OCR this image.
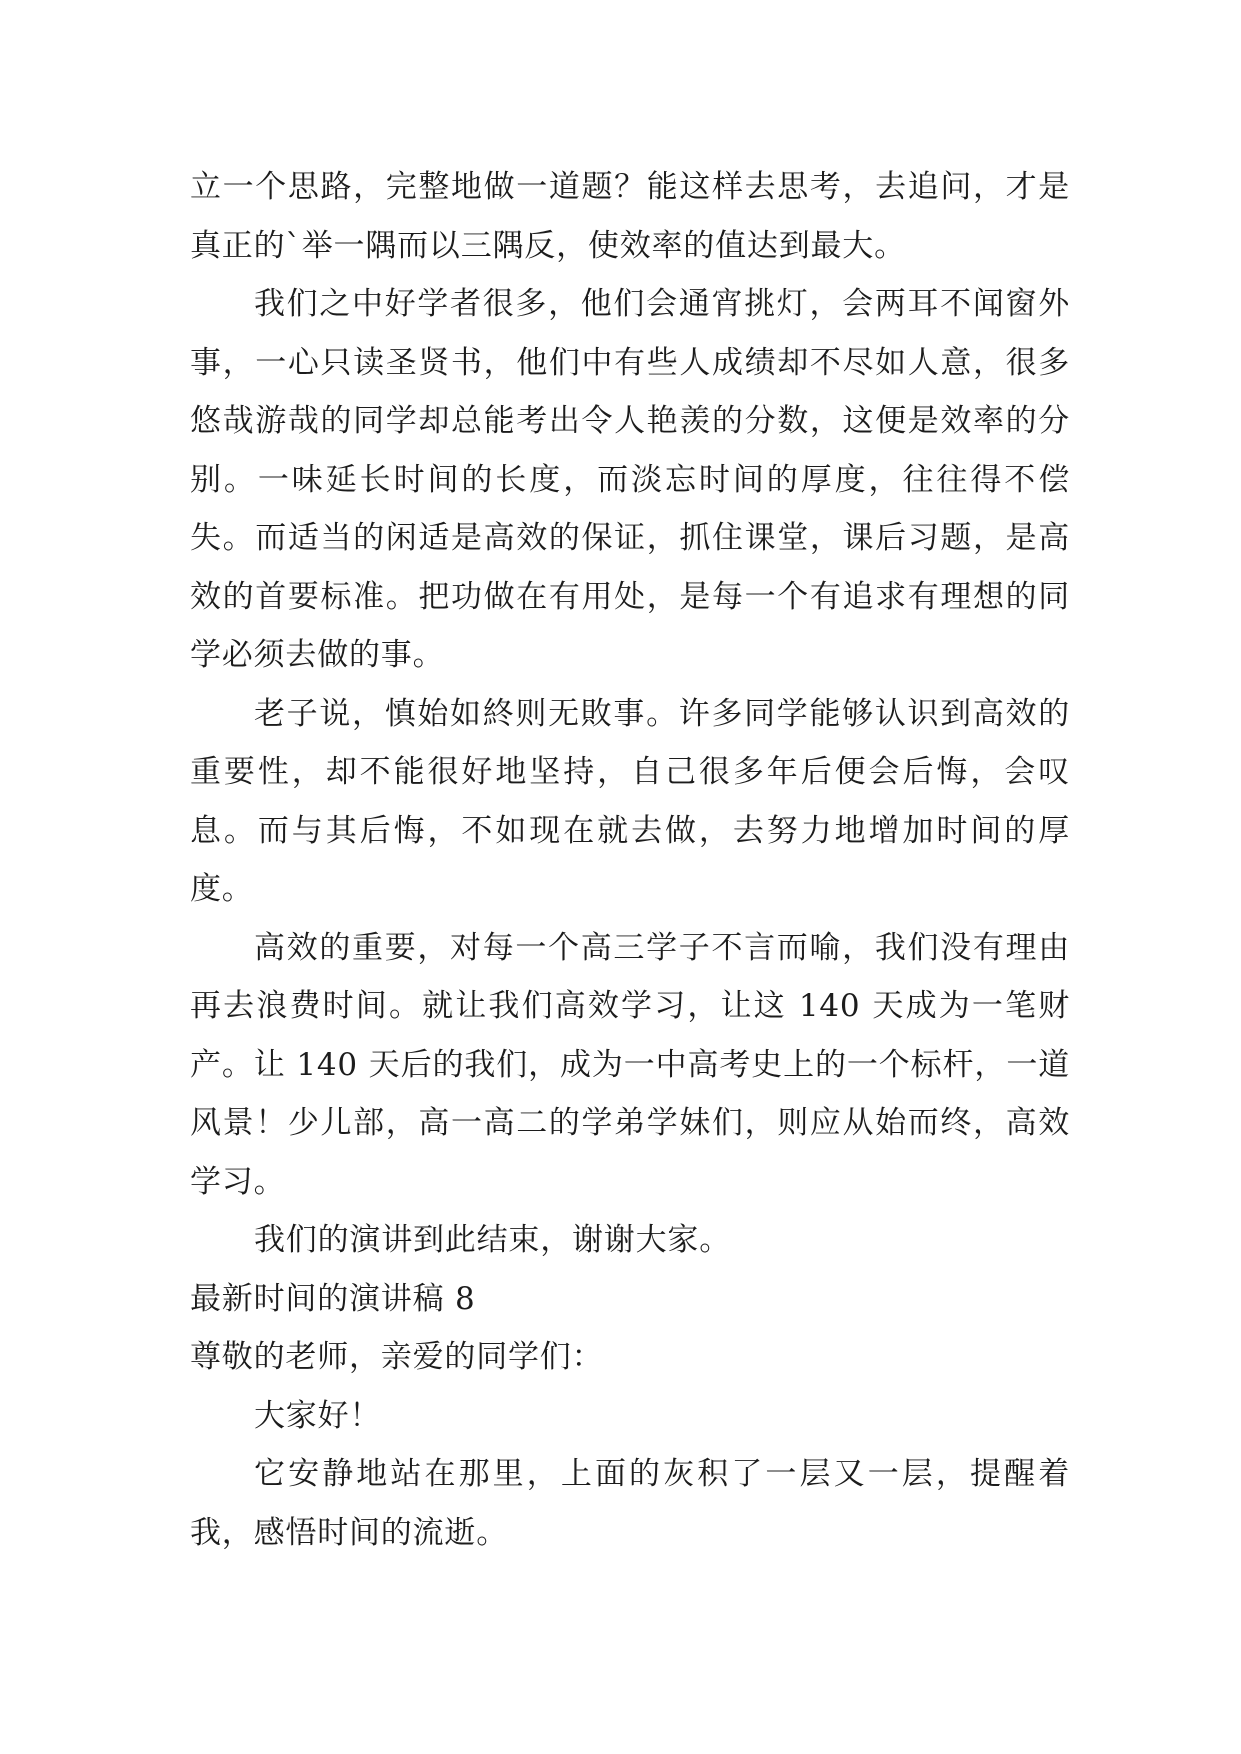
立一个思路，完整地做一道题？能这样去思考，去追问，才是真正的`举一隅而以三隅反，使效率的值达到最大。

我们之中好学者很多，他们会通宵挑灯，会两耳不闻窗外事，一心只读圣贤书，他们中有些人成绩却不尽如人意，很多悠哉游哉的同学却总能考出令人艳羡的分数，这便是效率的分别。一味延长时间的长度，而淡忘时间的厚度，往往得不偿失。而适当的闲适是高效的保证，抓住课堂，课后习题，是高效的首要标准。把功做在有用处，是每一个有追求有理想的同学必须去做的事。

老子说，慎始如終则无敗事。许多同学能够认识到高效的重要性，却不能很好地坚持，自己很多年后便会后悔，会叹息。而与其后悔，不如现在就去做，去努力地增加时间的厚度。

高效的重要，对每一个高三学子不言而喻，我们没有理由再去浪费时间。就让我们高效学习，让这 140 天成为一笔财产。让 140 天后的我们，成为一中高考史上的一个标杆，一道风景！少儿部，高一高二的学弟学妹们，则应从始而终，高效学习。

我们的演讲到此结束，谢谢大家。

最新时间的演讲稿 8

尊敬的老师，亲爱的同学们：

大家好！

它安静地站在那里，上面的灰积了一层又一层，提醒着我，感悟时间的流逝。
